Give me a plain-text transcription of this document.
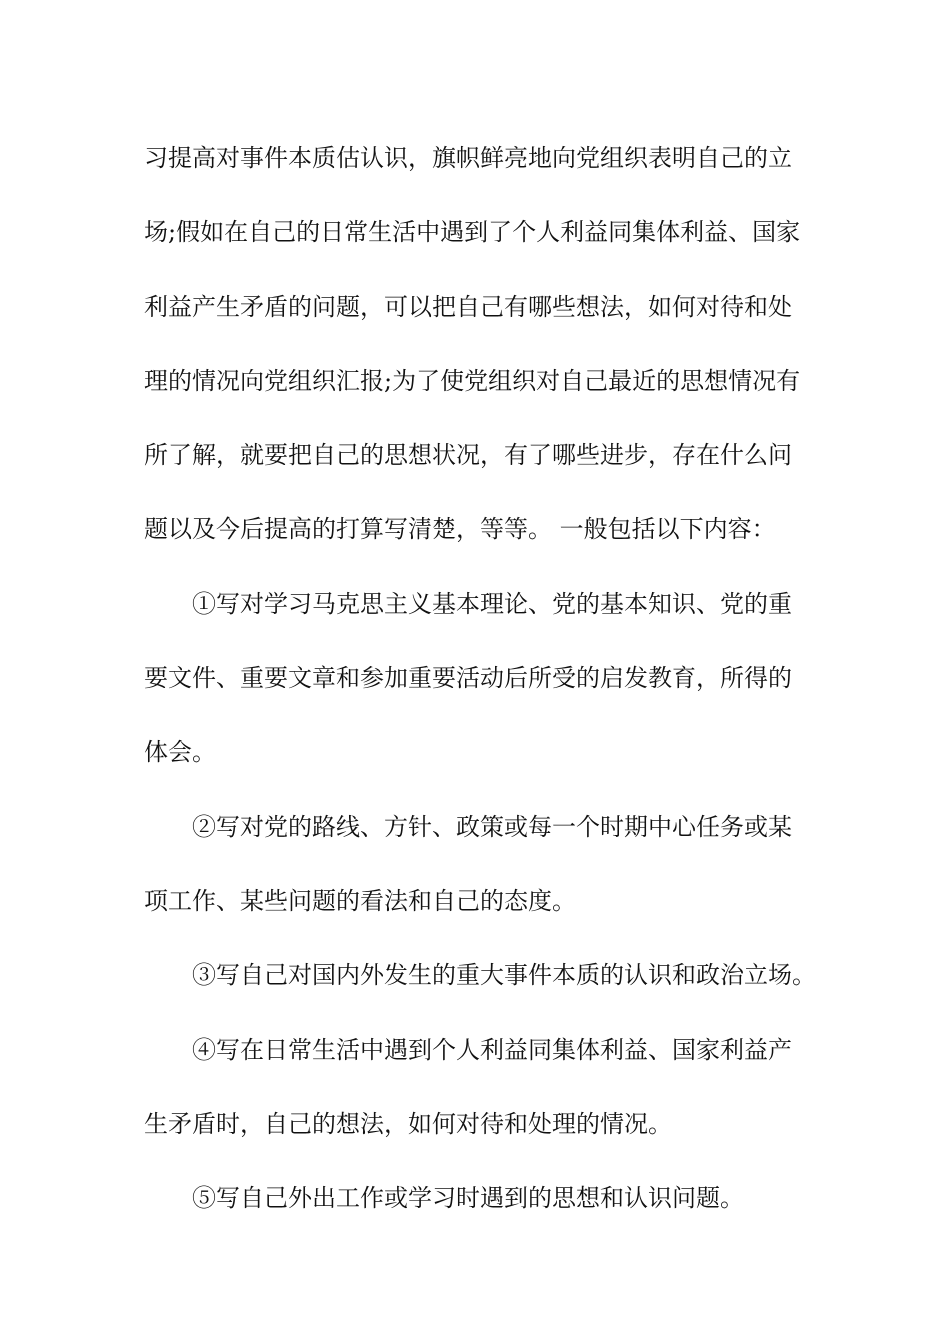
习提高对事件本质估认识，旗帜鲜亮地向党组织表明自己的立
场;假如在自己的日常生活中遇到了个人利益同集体利益、国家
利益产生矛盾的问题，可以把自己有哪些想法，如何对待和处
理的情况向党组织汇报;为了使党组织对自己最近的思想情况有
所了解，就要把自己的思想状况，有了哪些进步，存在什么问
题以及今后提高的打算写清楚，等等。 一般包括以下内容：
①写对学习马克思主义基本理论、党的基本知识、党的重
要文件、重要文章和参加重要活动后所受的启发教育，所得的
体会。
②写对党的路线、方针、政策或每一个时期中心任务或某
项工作、某些问题的看法和自己的态度。
③写自己对国内外发生的重大事件本质的认识和政治立场。
④写在日常生活中遇到个人利益同集体利益、国家利益产
生矛盾时，自己的想法，如何对待和处理的情况。
⑤写自己外出工作或学习时遇到的思想和认识问题。
